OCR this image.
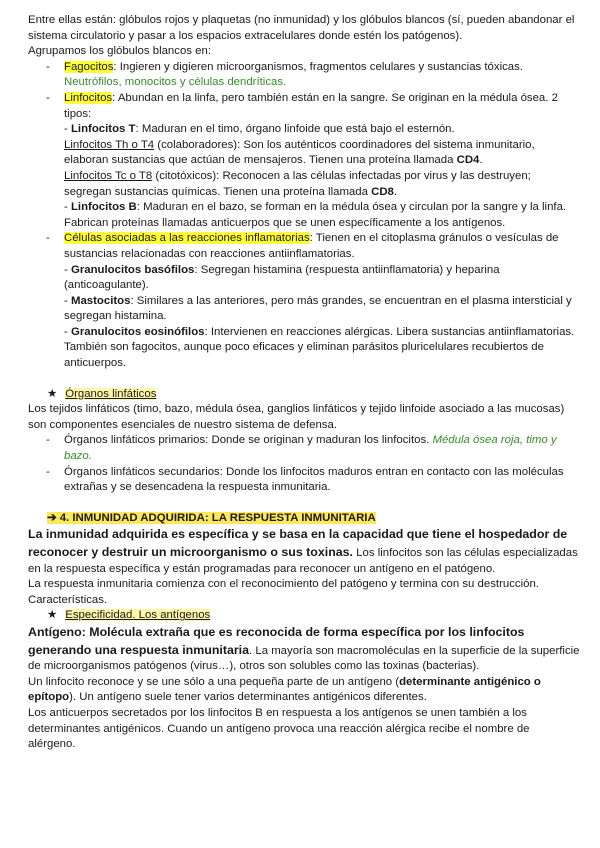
Entre ellas están: glóbulos rojos y plaquetas (no inmunidad) y los glóbulos blancos (sí, pueden abandonar el sistema circulatorio y pasar a los espacios extracelulares donde estén los patógenos).

Agrupamos los glóbulos blancos en:

- Fagocitos: Ingieren y digieren microorganismos, fragmentos celulares y sustancias tóxicas.
Neutrófilos, monocitos y células dendríticas.
- Linfocitos: Abundan en la linfa, pero también están en la sangre. Se originan en la médula ósea. 2 tipos:

- Linfocitos T: Maduran en el timo, órgano linfoide que está bajo el esternón.

Linfocitos Th o T4 (colaboradores): Son los auténticos coordinadores del sistema inmunitario, elaboran sustancias que actúan de mensajeros. Tienen una proteína llamada CD4.

Linfocitos Tc o T8 (citotóxicos): Reconocen a las células infectadas por virus y las destruyen; segregan sustancias químicas. Tienen una proteína llamada CD8.

- Linfocitos B: Maduran en el bazo, se forman en la médula ósea y circulan por la sangre y la linfa. Fabrican proteínas llamadas anticuerpos que se unen específicamente a los antígenos.

- Células asociadas a las reacciones inflamatorias: Tienen en el citoplasma gránulos o vesículas de sustancias relacionadas con reacciones antiinflamatorias.

- Granulocitos basófilos: Segregan histamina (respuesta antiinflamatoria) y heparina (anticoagulante).

- Mastocitos: Similares a las anteriores, pero más grandes, se encuentran en el plasma intersticial y segregan histamina.

- Granulocitos eosinófilos: Intervienen en reacciones alérgicas. Libera sustancias antiinflamatorias. También son fagocitos, aunque poco eficaces y eliminan parásitos pluricelulares recubiertos de anticuerpos.

★ Órganos linfáticos

Los tejidos linfáticos (timo, bazo, médula ósea, ganglios linfáticos y tejido linfoide asociado a las mucosas) son componentes esenciales de nuestro sistema de defensa.

- Órganos linfáticos primarios: Donde se originan y maduran los linfocitos. Médula ósea roja, timo y bazo.
- Órganos linfáticos secundarios: Donde los linfocitos maduros entran en contacto con las moléculas extrañas y se desencadena la respuesta inmunitaria.

➔ 4. INMUNIDAD ADQUIRIDA: LA RESPUESTA INMUNITARIA

La inmunidad adquirida es específica y se basa en la capacidad que tiene el hospedador de reconocer y destruir un microorganismo o sus toxinas. Los linfocitos son las células especializadas en la respuesta específica y están programadas para reconocer un antígeno en el patógeno.

La respuesta inmunitaria comienza con el reconocimiento del patógeno y termina con su destrucción. Características.

★ Especificidad. Los antígenos

Antígeno: Molécula extraña que es reconocida de forma específica por los linfocitos generando una respuesta inmunitaria. La mayoría son macromoléculas en la superficie de la superficie de microorganismos patógenos (virus…), otros son solubles como las toxinas (bacterias).

Un linfocito reconoce y se une sólo a una pequeña parte de un antígeno (determinante antigénico o epítopo). Un antígeno suele tener varios determinantes antigénicos diferentes.

Los anticuerpos secretados por los linfocitos B en respuesta a los antígenos se unen también a los determinantes antigénicos. Cuando un antígeno provoca una reacción alérgica recibe el nombre de alérgeno.
